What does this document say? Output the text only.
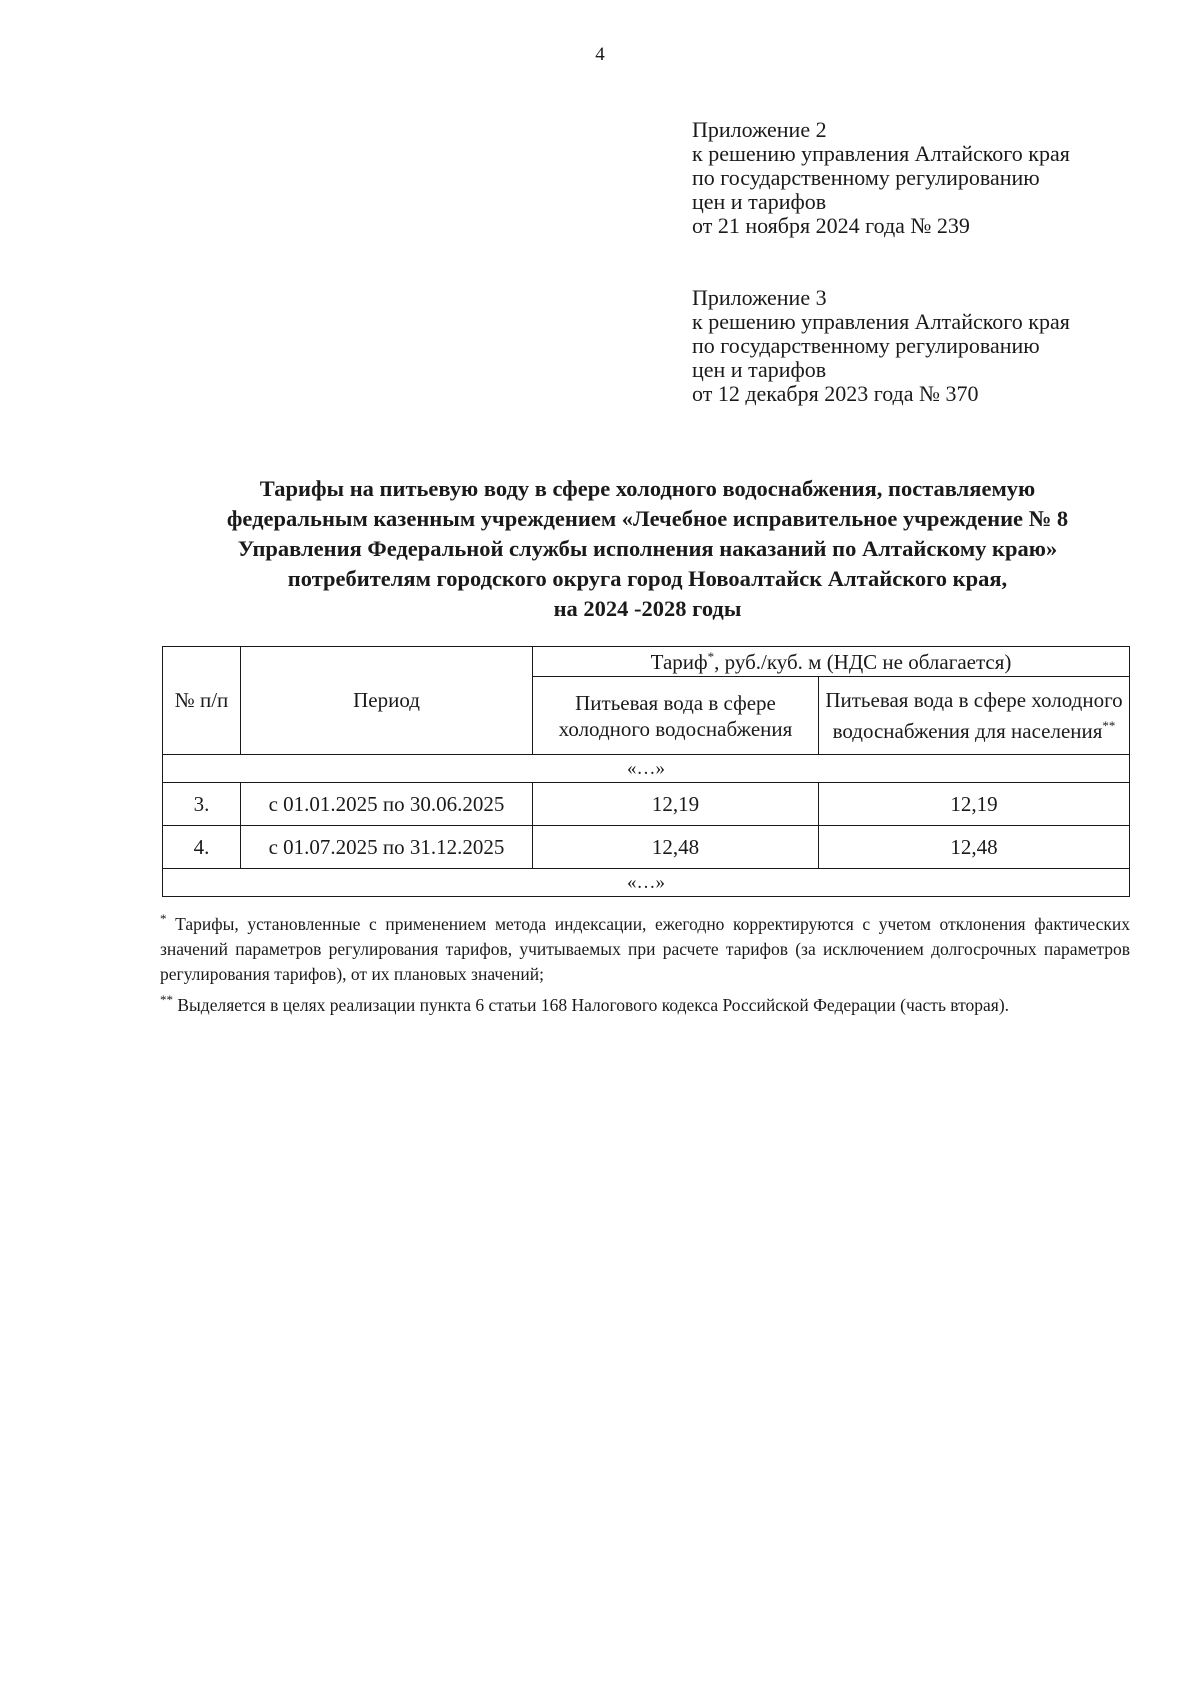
4
Приложение 2
к решению управления Алтайского края
по государственному регулированию
цен и тарифов
от 21 ноября 2024 года № 239
Приложение 3
к решению управления Алтайского края
по государственному регулированию
цен и тарифов
от 12 декабря 2023 года № 370
Тарифы на питьевую воду в сфере холодного водоснабжения, поставляемую
федеральным казенным учреждением «Лечебное исправительное учреждение № 8
Управления Федеральной службы исполнения наказаний по Алтайскому краю»
потребителям городского округа город Новоалтайск Алтайского края,
на 2024 -2028 годы
№ п/п	Период	Тариф*, руб./куб. м (НДС не облагается)	
		Питьевая вода в сфере холодного водоснабжения	Питьевая вода в сфере холодного водоснабжения для населения**
«…»			
3.	с 01.01.2025 по 30.06.2025	12,19	12,19
4.	с 01.07.2025 по 31.12.2025	12,48	12,48
«…»			

* Тарифы, установленные с применением метода индексации, ежегодно корректируются с учетом отклонения фактических значений параметров регулирования тарифов, учитываемых при расчете тарифов (за исключением долгосрочных параметров регулирования тарифов), от их плановых значений;

** Выделяется в целях реализации пункта 6 статьи 168 Налогового кодекса Российской Федерации (часть вторая).
